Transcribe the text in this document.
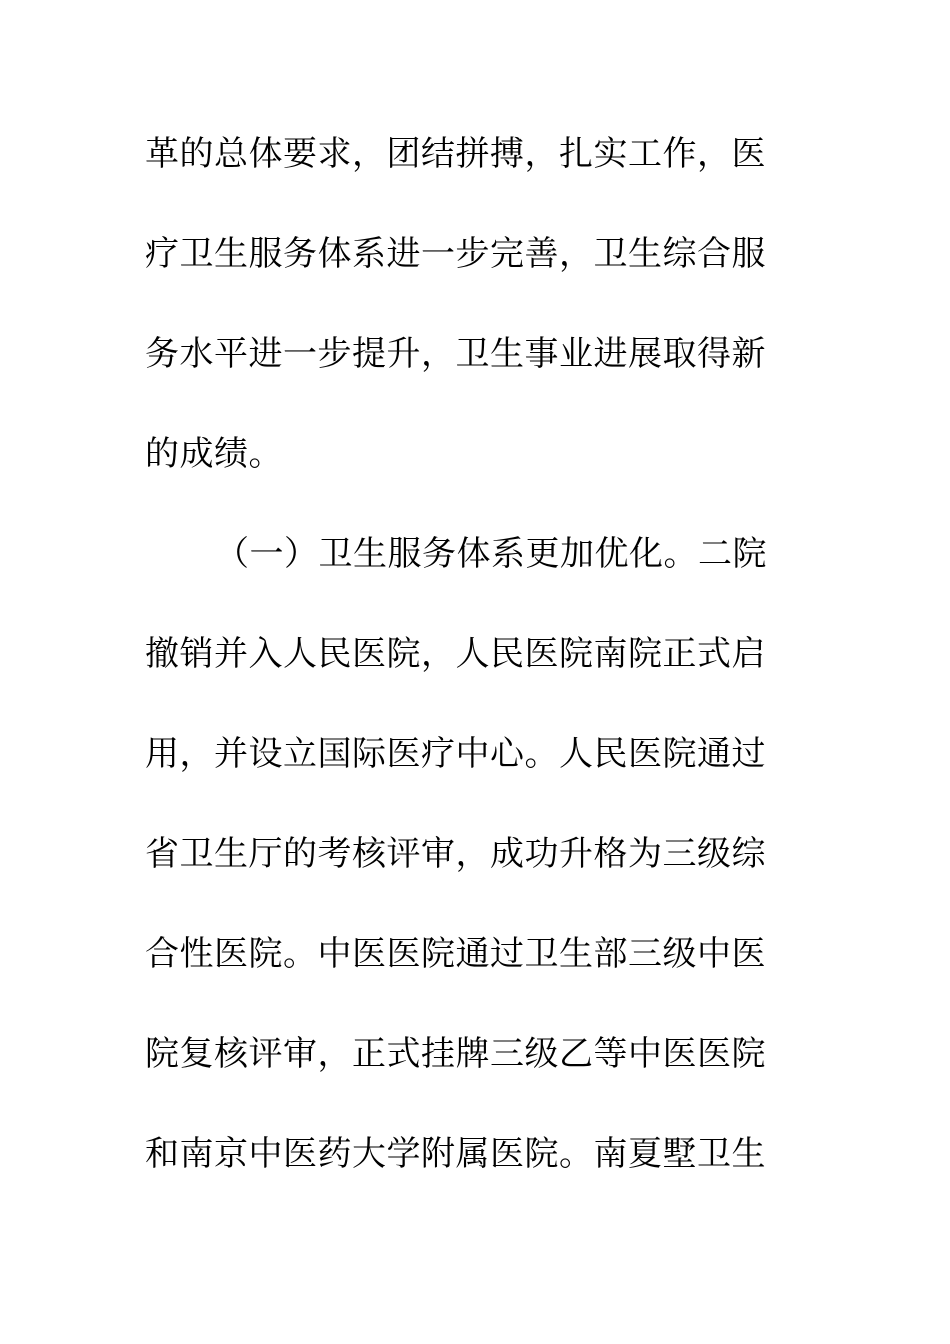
革的总体要求，团结拼搏，扎实工作，医
疗卫生服务体系进一步完善，卫生综合服
务水平进一步提升，卫生事业进展取得新
的成绩。
（一）卫生服务体系更加优化。二院
撤销并入人民医院，人民医院南院正式启
用，并设立国际医疗中心。人民医院通过
省卫生厅的考核评审，成功升格为三级综
合性医院。中医医院通过卫生部三级中医
院复核评审，正式挂牌三级乙等中医医院
和南京中医药大学附属医院。南夏墅卫生
